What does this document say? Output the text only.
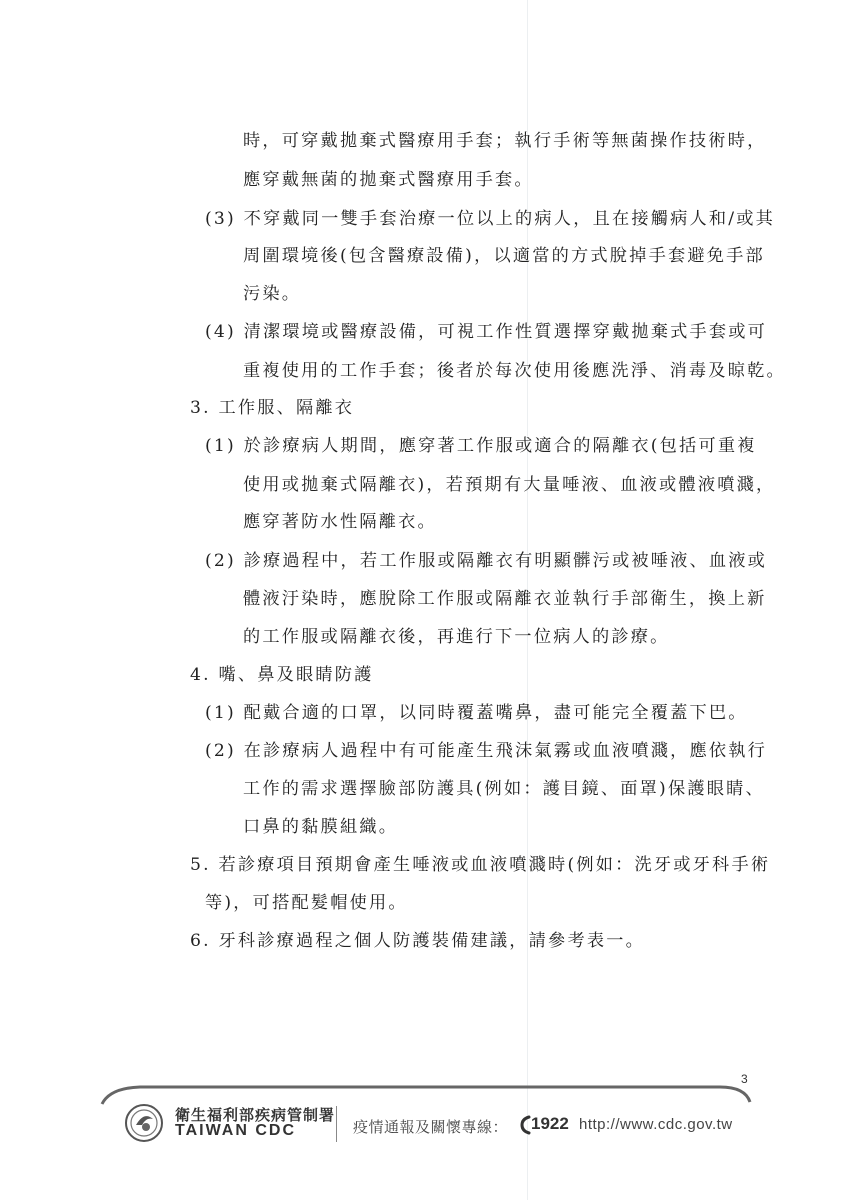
時，可穿戴拋棄式醫療用手套；執行手術等無菌操作技術時，
應穿戴無菌的拋棄式醫療用手套。
(3) 不穿戴同一雙手套治療一位以上的病人，且在接觸病人和/或其
周圍環境後(包含醫療設備)，以適當的方式脫掉手套避免手部
污染。
(4) 清潔環境或醫療設備，可視工作性質選擇穿戴拋棄式手套或可
重複使用的工作手套；後者於每次使用後應洗淨、消毒及晾乾。
3. 工作服、隔離衣
(1) 於診療病人期間，應穿著工作服或適合的隔離衣(包括可重複
使用或拋棄式隔離衣)，若預期有大量唾液、血液或體液噴濺，
應穿著防水性隔離衣。
(2) 診療過程中，若工作服或隔離衣有明顯髒污或被唾液、血液或
體液汙染時，應脫除工作服或隔離衣並執行手部衛生，換上新
的工作服或隔離衣後，再進行下一位病人的診療。
4. 嘴、鼻及眼睛防護
(1) 配戴合適的口罩，以同時覆蓋嘴鼻，盡可能完全覆蓋下巴。
(2) 在診療病人過程中有可能產生飛沫氣霧或血液噴濺，應依執行
工作的需求選擇臉部防護具(例如：護目鏡、面罩)保護眼睛、
口鼻的黏膜組織。
5. 若診療項目預期會產生唾液或血液噴濺時(例如：洗牙或牙科手術
等)，可搭配髮帽使用。
6. 牙科診療過程之個人防護裝備建議，請參考表一。
3
衛生福利部疾病管制署
TAIWAN CDC	疫情通報及關懷專線： 1922 http://www.cdc.gov.tw
